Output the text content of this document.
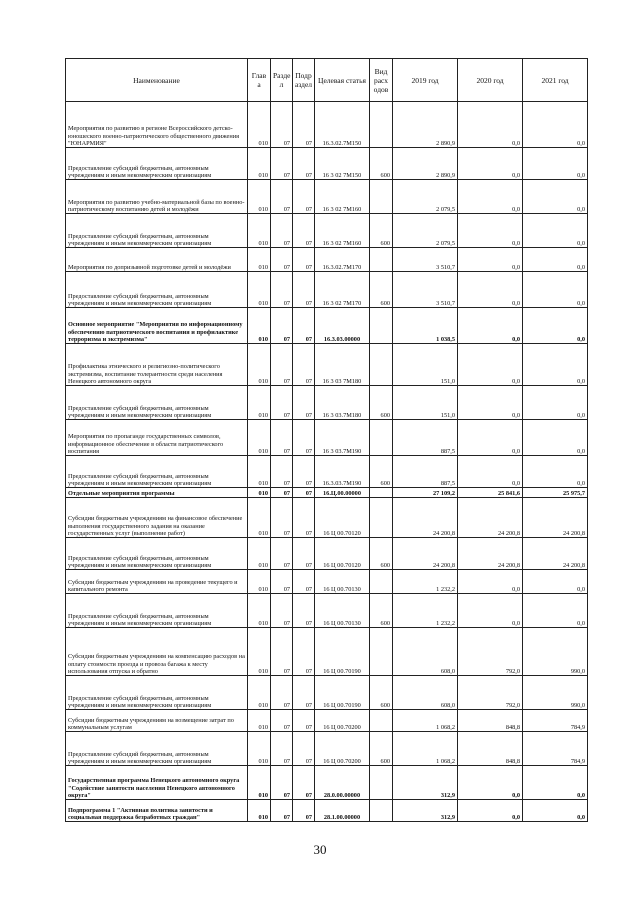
Наименование	Глав а	Разде л	Подр аздел	Целевая статья	Вид расх одов	2019 год	2020 год	2021 год
Мероприятия по развитию в регионе Всероссийского детско-юношеского военно-патриотического общественного движения "ЮНАРМИЯ"	010	07	07	16.3.02.7М150		2 890,9	0,0	0,0
Предоставление субсидий бюджетным, автономным учреждениям и иным некоммерческим организациям	010	07	07	16 3 02 7М150	600	2 890,9	0,0	0,0
Мероприятия по развитию учебно-материальной базы по военно-патриотическому воспитанию детей и молодёжи	010	07	07	16 3 02 7М160		2 079,5	0,0	0,0
Предоставление субсидий бюджетным, автономным учреждениям и иным некоммерческим организациям	010	07	07	16 3 02 7М160	600	2 079,5	0,0	0,0
Мероприятия по допризывной подготовке детей и молодёжи	010	07	07	16.3.02.7М170		3 510,7	0,0	0,0
Предоставление субсидий бюджетным, автономным учреждениям и иным некоммерческим организациям	010	07	07	16 3 02 7М170	600	3 510,7	0,0	0,0
Основное мероприятие "Мероприятия по информационному обеспечению патриотического воспитания и профилактике терроризма и экстремизма"	010	07	07	16.3.03.00000		1 038,5	0,0	0,0
Профилактика этнического и религиозно-политического экстремизма, воспитание толерантности среди населения Ненецкого автономного округа	010	07	07	16 3 03 7М180		151,0	0,0	0,0
Предоставление субсидий бюджетным, автономным учреждениям и иным некоммерческим организациям	010	07	07	16 3 03.7М180	600	151,0	0,0	0,0
Мероприятия по пропаганде государственных символов, информационное обеспечение в области патриотического воспитания	010	07	07	16 3 03.7М190		887,5	0,0	0,0
Предоставление субсидий бюджетным, автономным учреждениям и иным некоммерческим организациям	010	07	07	16.3.03.7М190	600	887,5	0,0	0,0
Отдельные мероприятия программы	010	07	07	16.Ц.00.00000		27 109,2	25 841,6	25 975,7
Субсидии бюджетным учреждениям на финансовое обеспечение выполнения государственного задания на оказание государственных услуг (выполнение работ)	010	07	07	16 Ц 00.70120		24 200,8	24 200,8	24 200,8
Предоставление субсидий бюджетным, автономным учреждениям и иным некоммерческим организациям	010	07	07	16 Ц 00.70120	600	24 200,8	24 200,8	24 200,8
Субсидии бюджетным учреждениям на проведение текущего и капитального ремонта	010	07	07	16 Ц 00.70130		1 232,2	0,0	0,0
Предоставление субсидий бюджетным, автономным учреждениям и иным некоммерческим организациям	010	07	07	16 Ц 00.70130	600	1 232,2	0,0	0,0
Субсидии бюджетным учреждениям на компенсацию расходов на оплату стоимости проезда и провоза багажа к месту использования отпуска и обратно	010	07	07	16 Ц 00.70190		608,0	792,0	990,0
Предоставление субсидий бюджетным, автономным учреждениям и иным некоммерческим организациям	010	07	07	16 Ц 00.70190	600	608,0	792,0	990,0
Субсидии бюджетным учреждениям на возмещение затрат по коммунальным услугам	010	07	07	16 Ц 00.70200		1 068,2	848,8	784,9
Предоставление субсидий бюджетным, автономным учреждениям и иным некоммерческим организациям	010	07	07	16 Ц 00.70200	600	1 068,2	848,8	784,9
Государственная программа Ненецкого автономного округа "Содействие занятости населения Ненецкого автономного округа"	010	07	07	28.0.00.00000		312,9	0,0	0,0
Подпрограмма 1 "Активная политика занятости и социальная поддержка безработных граждан"	010	07	07	28.1.00.00000		312,9	0,0	0,0
30
